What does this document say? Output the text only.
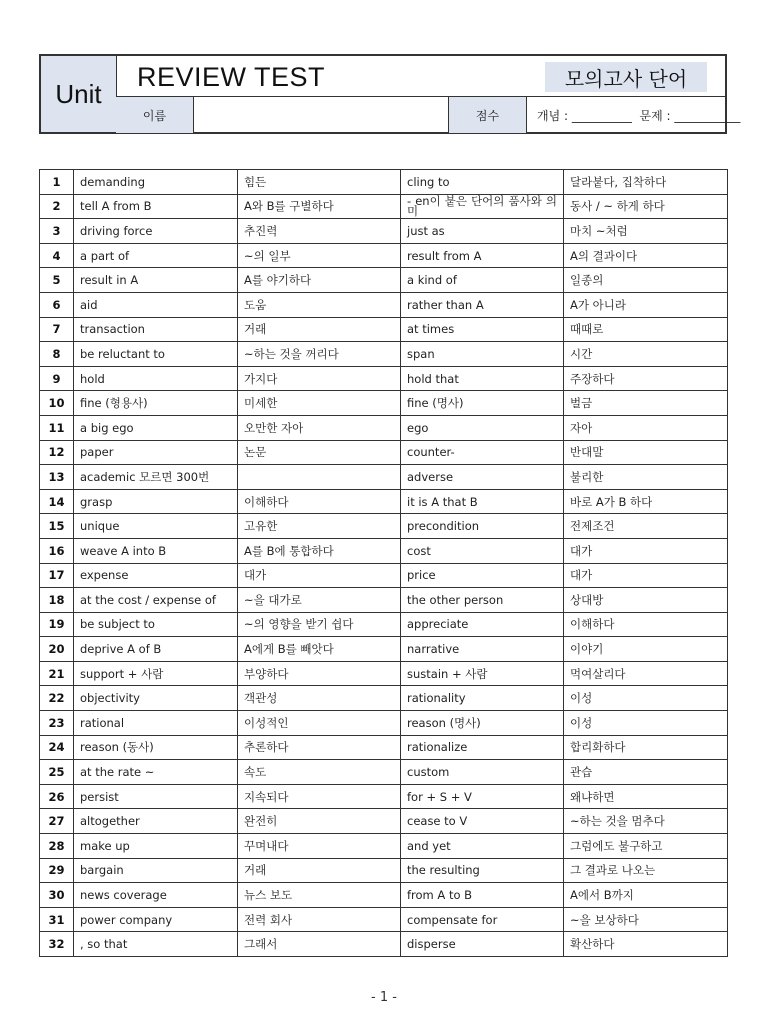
Unit
REVIEW TEST	모의고사 단어
이름	점수	개념 : __________  문제 : ___________
1	demanding	힘든	cling to	달라붙다, 집착하다
2	tell A from B	A와 B를 구별하다	- en이 붙은 단어의 품사와 의미	동사 / ~ 하게 하다
3	driving force	추진력	just as	마치 ~처럼
4	a part of	~의 일부	result from A	A의 결과이다
5	result in A	A를 야기하다	a kind of	일종의
6	aid	도움	rather than A	A가 아니라
7	transaction	거래	at times	때때로
8	be reluctant to	~하는 것을 꺼리다	span	시간
9	hold	가지다	hold that	주장하다
10	fine (형용사)	미세한	fine (명사)	벌금
11	a big ego	오만한 자아	ego	자아
12	paper	논문	counter-	반대말
13	academic 모르면 300번		adverse	불리한
14	grasp	이해하다	it is A that B	바로 A가 B 하다
15	unique	고유한	precondition	전제조건
16	weave A into B	A를 B에 통합하다	cost	대가
17	expense	대가	price	대가
18	at the cost / expense of	~을 대가로	the other person	상대방
19	be subject to	~의 영향을 받기 쉽다	appreciate	이해하다
20	deprive A of B	A에게 B를 빼앗다	narrative	이야기
21	support + 사람	부양하다	sustain + 사람	먹여살리다
22	objectivity	객관성	rationality	이성
23	rational	이성적인	reason (명사)	이성
24	reason (동사)	추론하다	rationalize	합리화하다
25	at the rate ~	속도	custom	관습
26	persist	지속되다	for + S + V	왜냐하면
27	altogether	완전히	cease to V	~하는 것을 멈추다
28	make up	꾸며내다	and yet	그럼에도 불구하고
29	bargain	거래	the resulting	그 결과로 나오는
30	news coverage	뉴스 보도	from A to B	A에서 B까지
31	power company	전력 회사	compensate for	~을 보상하다
32	, so that	그래서	disperse	확산하다
- 1 -
